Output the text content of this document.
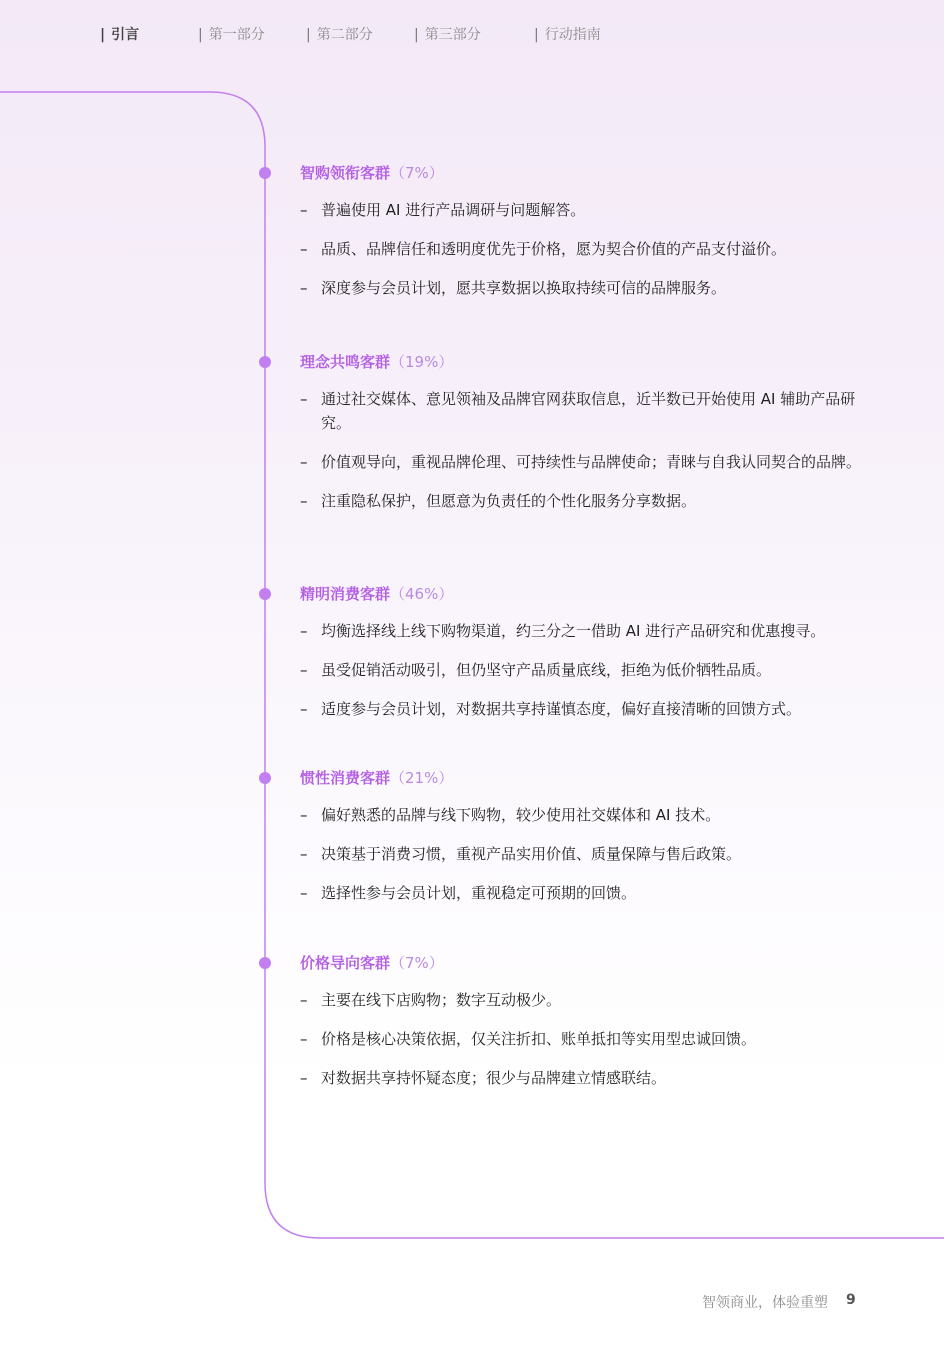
| 引言	| 第一部分	| 第二部分	| 第三部分	| 行动指南
智购领衔客群（7%）
– 普遍使用 AI 进行产品调研与问题解答。
– 品质、品牌信任和透明度优先于价格，愿为契合价值的产品支付溢价。
– 深度参与会员计划，愿共享数据以换取持续可信的品牌服务。
理念共鸣客群（19%）
– 通过社交媒体、意见领袖及品牌官网获取信息，近半数已开始使用 AI 辅助产品研究。
– 价值观导向，重视品牌伦理、可持续性与品牌使命；青睐与自我认同契合的品牌。
– 注重隐私保护，但愿意为负责任的个性化服务分享数据。
精明消费客群（46%）
– 均衡选择线上线下购物渠道，约三分之一借助 AI 进行产品研究和优惠搜寻。
– 虽受促销活动吸引，但仍坚守产品质量底线，拒绝为低价牺牲品质。
– 适度参与会员计划，对数据共享持谨慎态度，偏好直接清晰的回馈方式。
惯性消费客群（21%）
– 偏好熟悉的品牌与线下购物，较少使用社交媒体和 AI 技术。
– 决策基于消费习惯，重视产品实用价值、质量保障与售后政策。
– 选择性参与会员计划，重视稳定可预期的回馈。
价格导向客群（7%）
– 主要在线下店购物；数字互动极少。
– 价格是核心决策依据，仅关注折扣、账单抵扣等实用型忠诚回馈。
– 对数据共享持怀疑态度；很少与品牌建立情感联结。
智领商业，体验重塑 9
